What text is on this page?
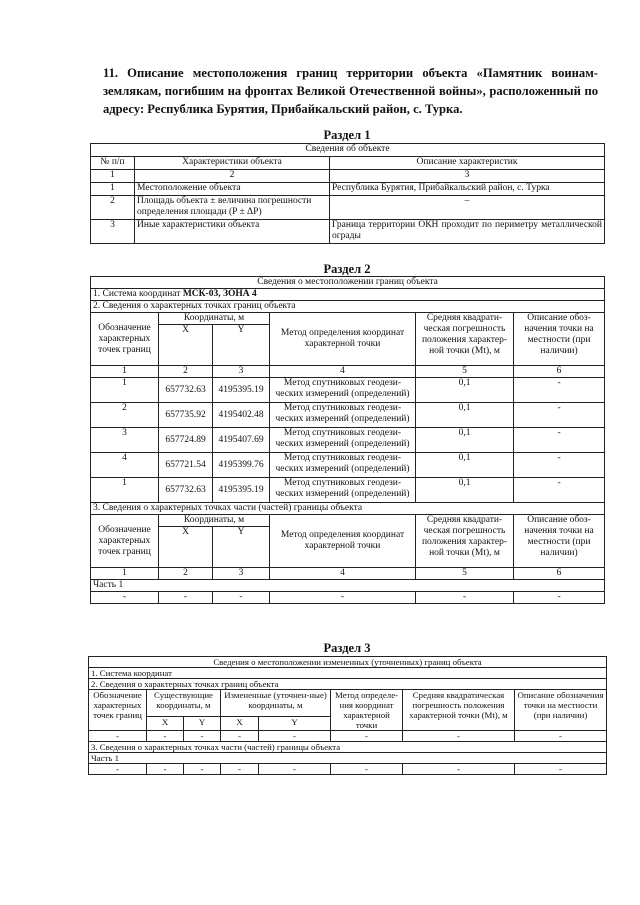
11. Описание местоположения границ территории объекта «Памятник воинам-землякам, погибшим на фронтах Великой Отечественной войны», расположенный по адресу: Республика Бурятия, Прибайкальский район, с. Турка.
Раздел 1
Сведения об объекте		
№ п/п	Характеристики объекта	Описание характеристик
1	2	3
1	Местоположение объекта	Республика Бурятия, Прибайкальский район, с. Турка
2	Площадь объекта ± величина погрешности определения площади (P ± ΔP)	–
3	Иные характеристики объекта	Граница территории ОКН проходит по периметру металлической ограды
Раздел 2
Сведения о местоположении границ объекта					
1. Система координат МСК-03, ЗОНА 4					
2. Сведения о характерных точках границ объекта					
Обозначение характерных точек границ	Координаты, м		Метод определения координат характерной точки	Средняя квадрати-ческая погрешность положения характер-ной точки (Mt), м	Описание обоз-начения точки на местности (при наличии)
	X	Y			
1	2	3	4	5	6
1	657732.63	4195395.19	Метод спутниковых геодези-ческих измерений (определений)	0,1	-
2	657735.92	4195402.48	Метод спутниковых геодези-ческих измерений (определений)	0,1	-
3	657724.89	4195407.69	Метод спутниковых геодези-ческих измерений (определений)	0,1	-
4	657721.54	4195399.76	Метод спутниковых геодези-ческих измерений (определений)	0,1	-
1	657732.63	4195395.19	Метод спутниковых геодези-ческих измерений (определений)	0,1	-
3. Сведения о характерных точках части (частей) границы объекта					
Обозначение характерных точек границ	Координаты, м		Метод определения координат характерной точки	Средняя квадрати-ческая погрешность положения характер-ной точки (Mt), м	Описание обоз-начения точки на местности (при наличии)
	X	Y			
1	2	3	4	5	6
Часть 1					
-	-	-	-	-	-
Раздел 3
Сведения о местоположении измененных (уточненных) границ объекта							
1. Система координат							
2. Сведения о характерных точках границ объекта							
Обозначение характерных точек границ	Существующие координаты, м		Измененные (уточнен-ные) координаты, м		Метод определе-ния координат характерной точки	Средняя квадратическая погрешность положения характерной точки (Mt), м	Описание обозначения точки на местности (при наличии)
	X	Y	X	Y			
-	-	-	-	-	-	-	-
3. Сведения о характерных точках части (частей) границы объекта							
Часть 1							
-	-	-	-	-	-	-	-
